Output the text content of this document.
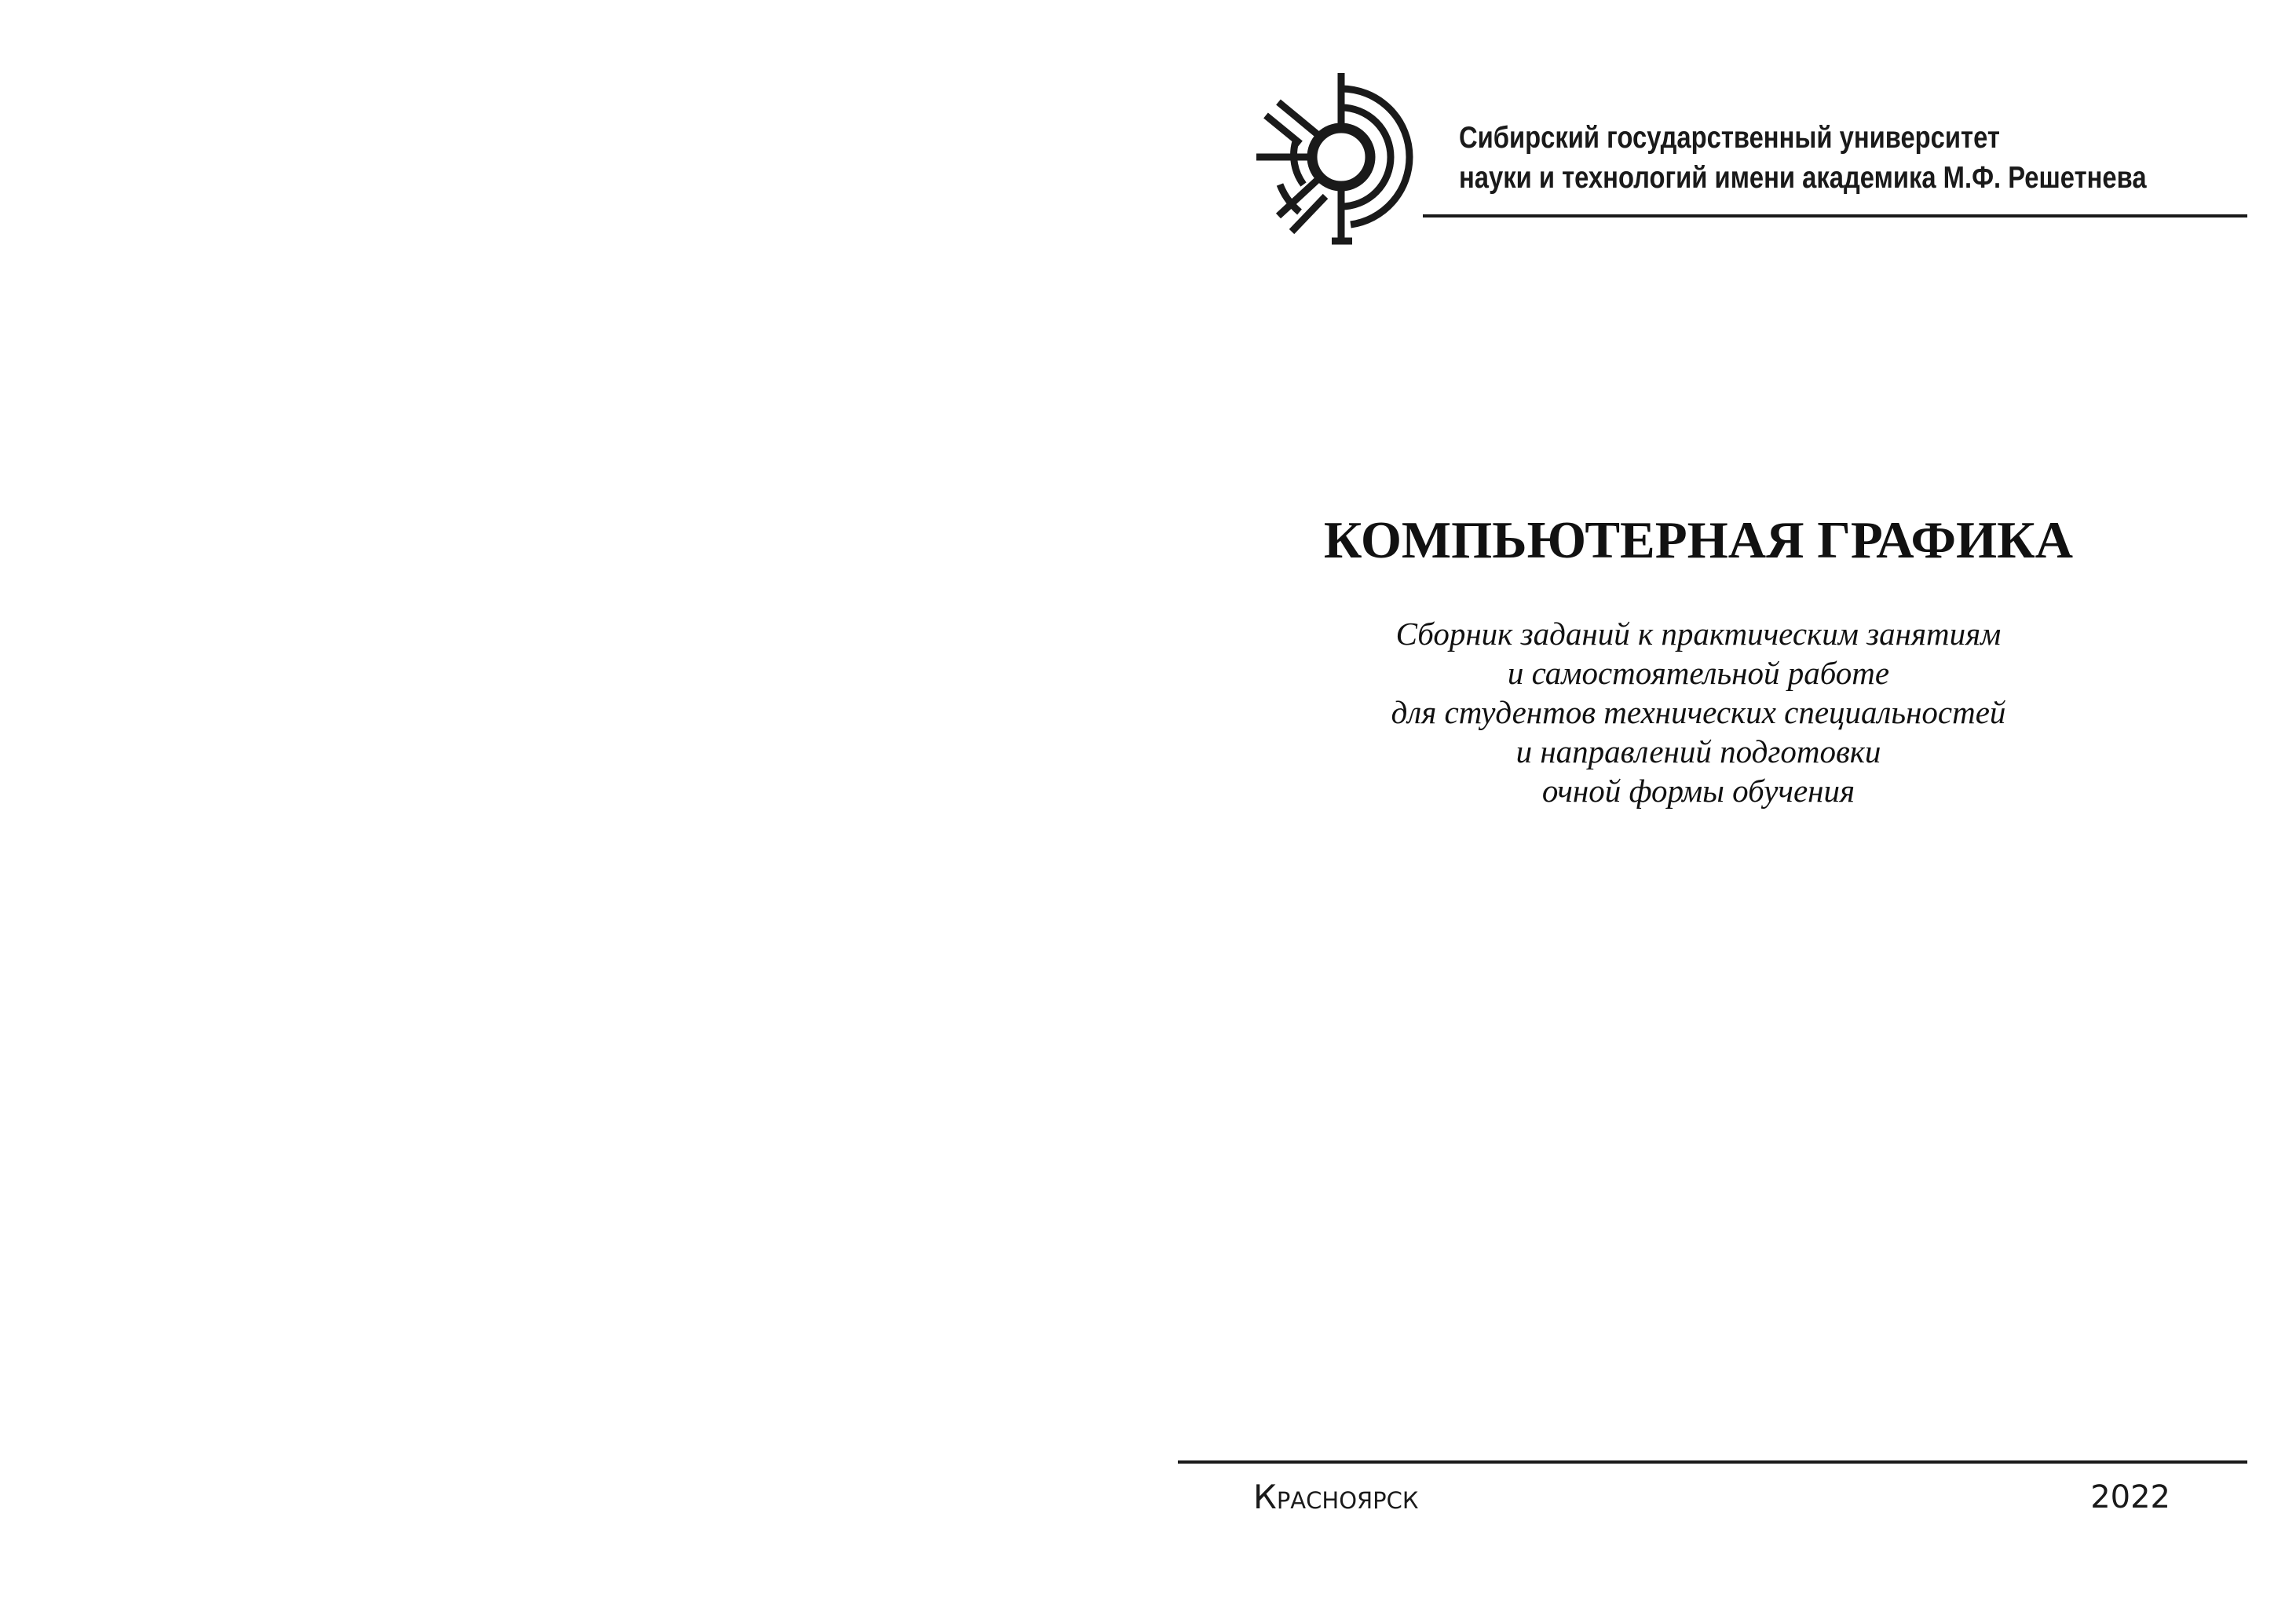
Сибирский государственный университет
науки и технологий имени академика М.Ф. Решетнева
КОМПЬЮТЕРНАЯ ГРАФИКА
Сборник заданий к практическим занятиям
и самостоятельной работе
для студентов технических специальностей
и направлений подготовки
очной формы обучения
Красноярск	2022
